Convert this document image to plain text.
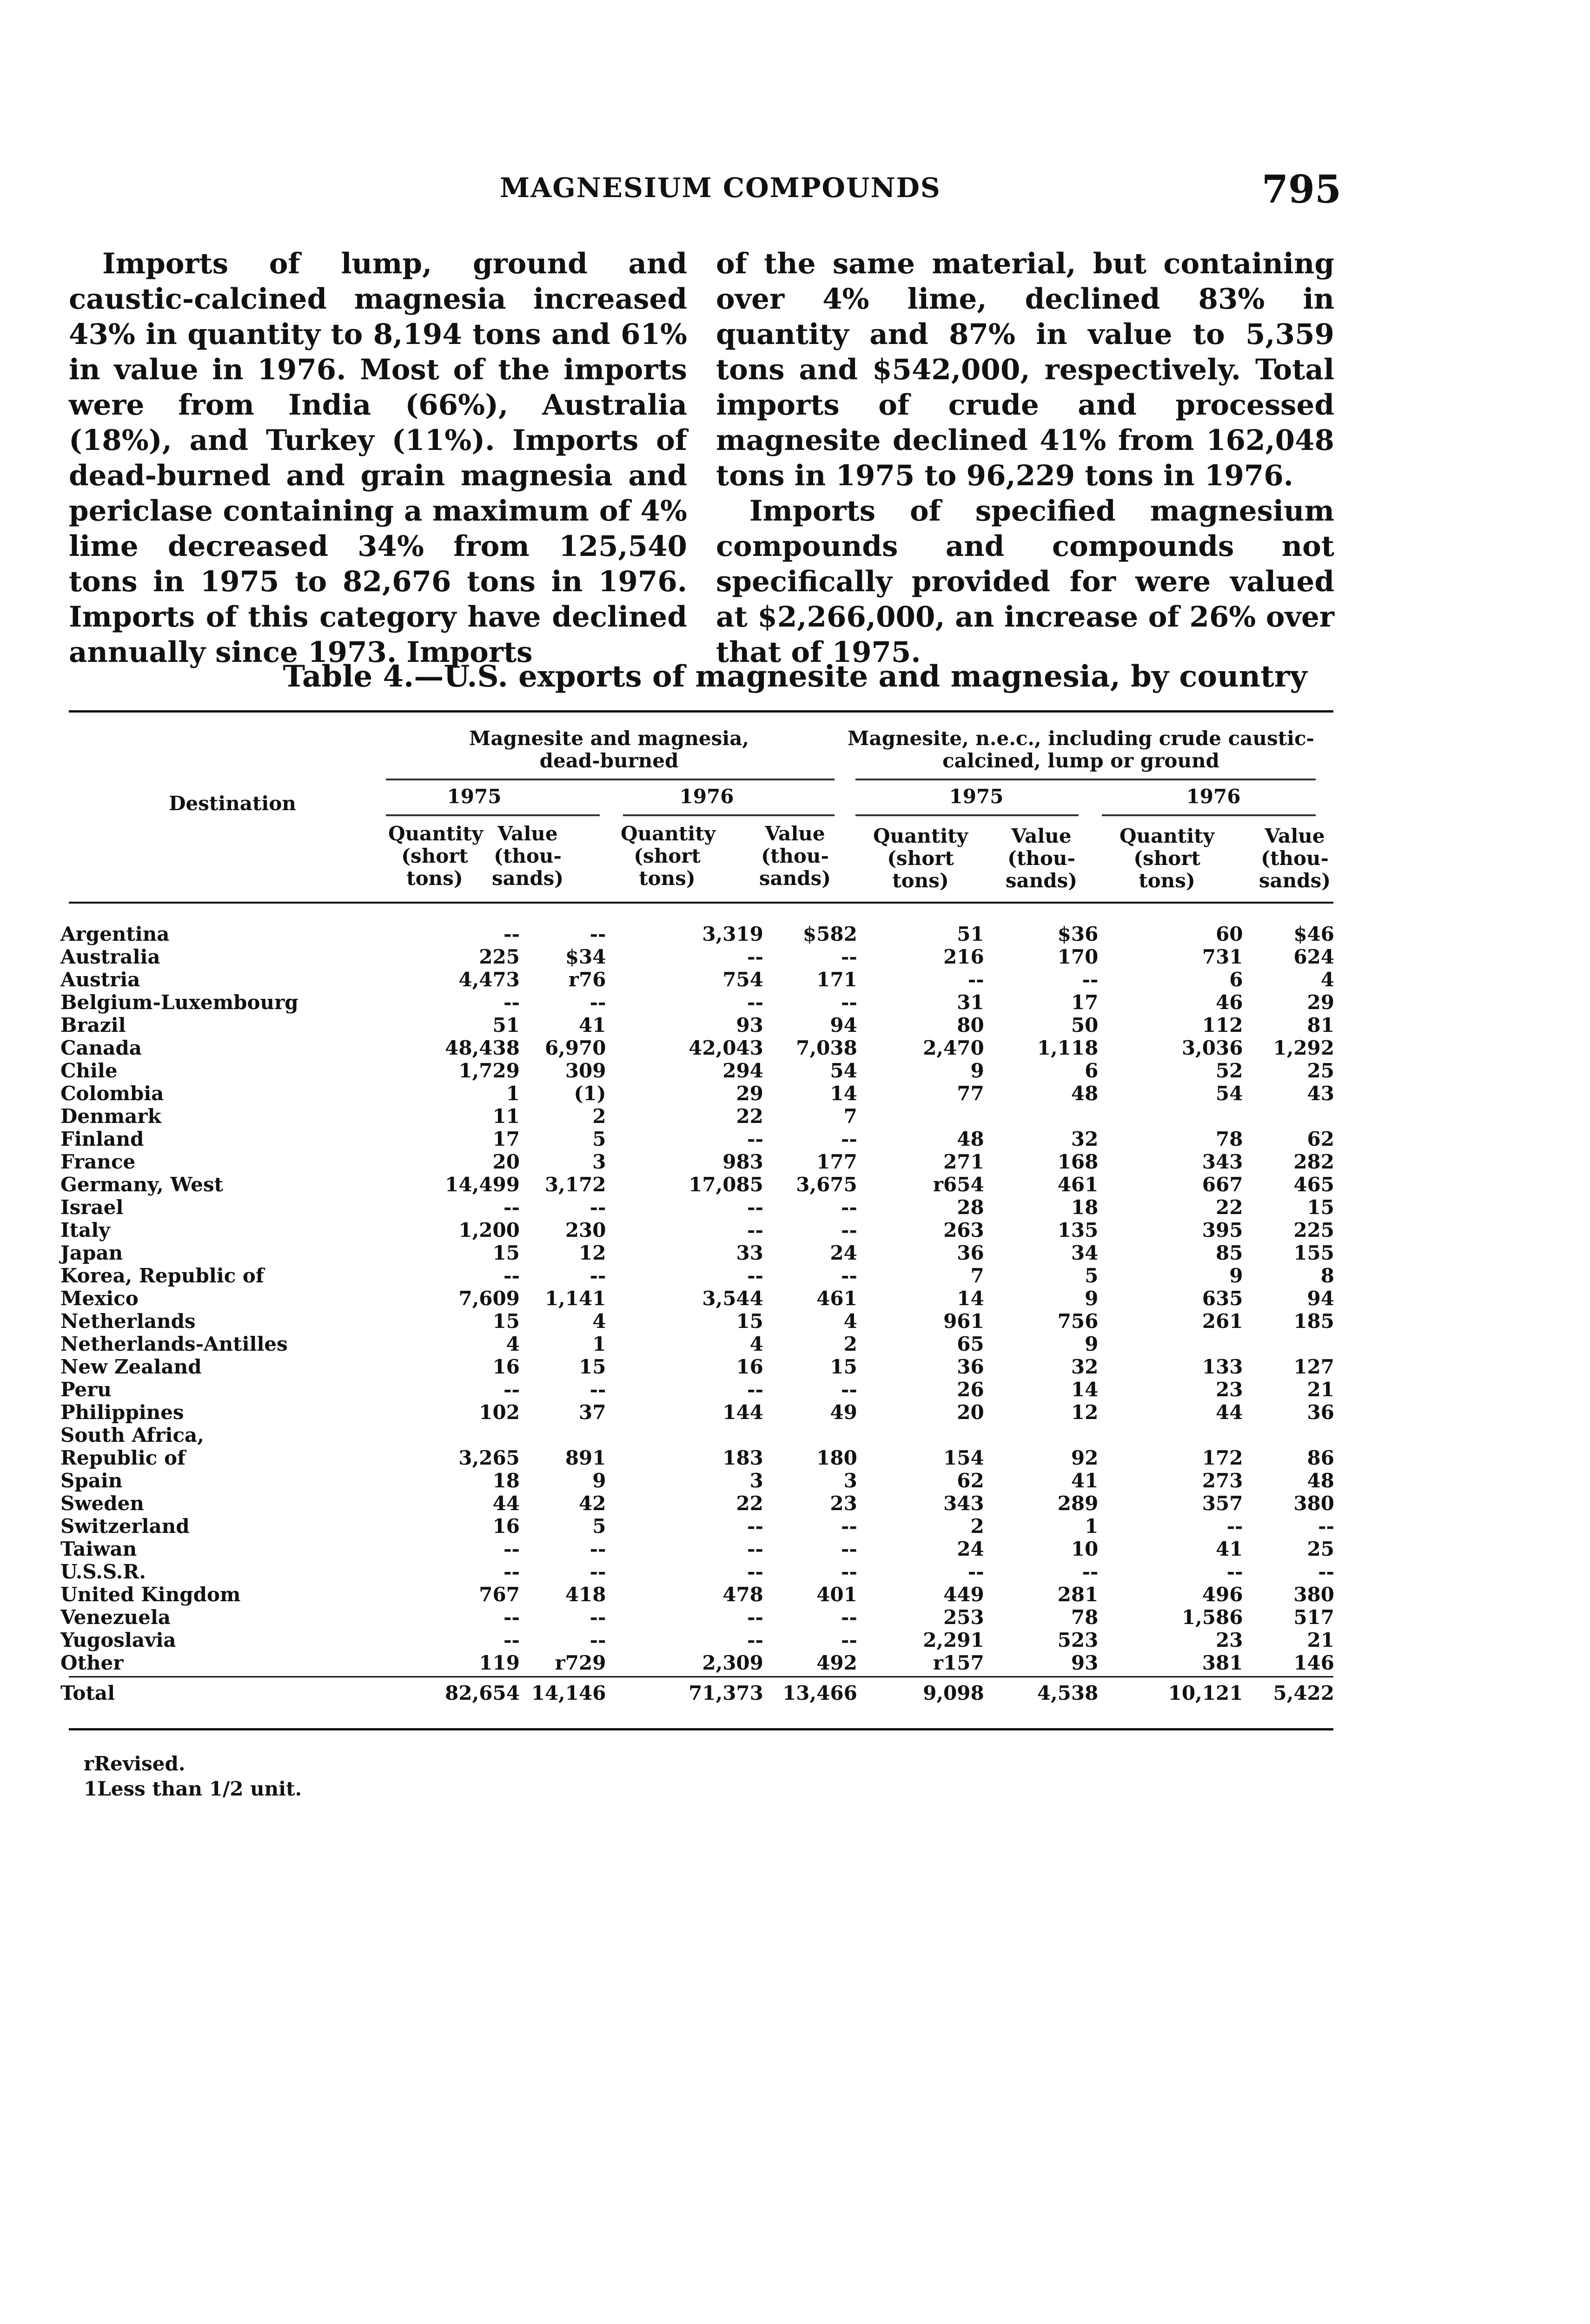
MAGNESIUM COMPOUNDS	795

Imports of lump, ground and caustic-calcined magnesia increased 43% in quantity to 8,194 tons and 61% in value in 1976. Most of the imports were from India (66%), Australia (18%), and Turkey (11%). Imports of dead-burned and grain magnesia and periclase containing a maximum of 4% lime decreased 34% from 125,540 tons in 1975 to 82,676 tons in 1976. Imports of this category have declined annually since 1973. Imports

of the same material, but containing over 4% lime, declined 83% in quantity and 87% in value to 5,359 tons and $542,000, respectively. Total imports of crude and processed magnesite declined 41% from 162,048 tons in 1975 to 96,229 tons in 1976.

Imports of specified magnesium compounds and compounds not specifically provided for were valued at $2,266,000, an increase of 26% over that of 1975.

Table 4.—U.S. exports of magnesite and magnesia, by country
Magnesite and magnesia, dead-burned
Magnesite, n.e.c., including crude caustic-calcined, lump or ground
Destination	1975	1976	1975	1976
Quantity (short tons)
Value (thou- sands)
Quantity (short tons)
Value (thou- sands)
Quantity (short tons)
Value (thou- sands)
Quantity (short tons)
Value (thou- sands)
Argentina	--	--	3,319	$582	51	$36	60	$46
Australia	225	$34	--	--	216	170	731	624
Austria	4,473	r76	754	171	--	--	6	4
Belgium-Luxembourg	--	--	--	--	31	17	46	29
Brazil	51	41	93	94	80	50	112	81
Canada	48,438	6,970	42,043	7,038	2,470	1,118	3,036	1,292
Chile	1,729	309	294	54	9	6	52	25
Colombia	1	(1)	29	14	77	48	54	43
Denmark	11	2	22	7				
Finland	17	5	--	--	48	32	78	62
France	20	3	983	177	271	168	343	282
Germany, West	14,499	3,172	17,085	3,675	r654	461	667	465
Israel	--	--	--	--	28	18	22	15
Italy	1,200	230	--	--	263	135	395	225
Japan	15	12	33	24	36	34	85	155
Korea, Republic of	--	--	--	--	7	5	9	8
Mexico	7,609	1,141	3,544	461	14	9	635	94
Netherlands	15	4	15	4	961	756	261	185
Netherlands-Antilles	4	1	4	2	65	9		
New Zealand	16	15	16	15	36	32	133	127
Peru	--	--	--	--	26	14	23	21
Philippines	102	37	144	49	20	12	44	36
South Africa,								
Republic of	3,265	891	183	180	154	92	172	86
Spain	18	9	3	3	62	41	273	48
Sweden	44	42	22	23	343	289	357	380
Switzerland	16	5	--	--	2	1	--	--
Taiwan	--	--	--	--	24	10	41	25
U.S.S.R.	--	--	--	--	--	--	--	--
United Kingdom	767	418	478	401	449	281	496	380
Venezuela	--	--	--	--	253	78	1,586	517
Yugoslavia	--	--	--	--	2,291	523	23	21
Other	119	r729	2,309	492	r157	93	381	146
Total	82,654	14,146	71,373	13,466	9,098	4,538	10,121	5,422
rRevised.
1Less than 1/2 unit.
